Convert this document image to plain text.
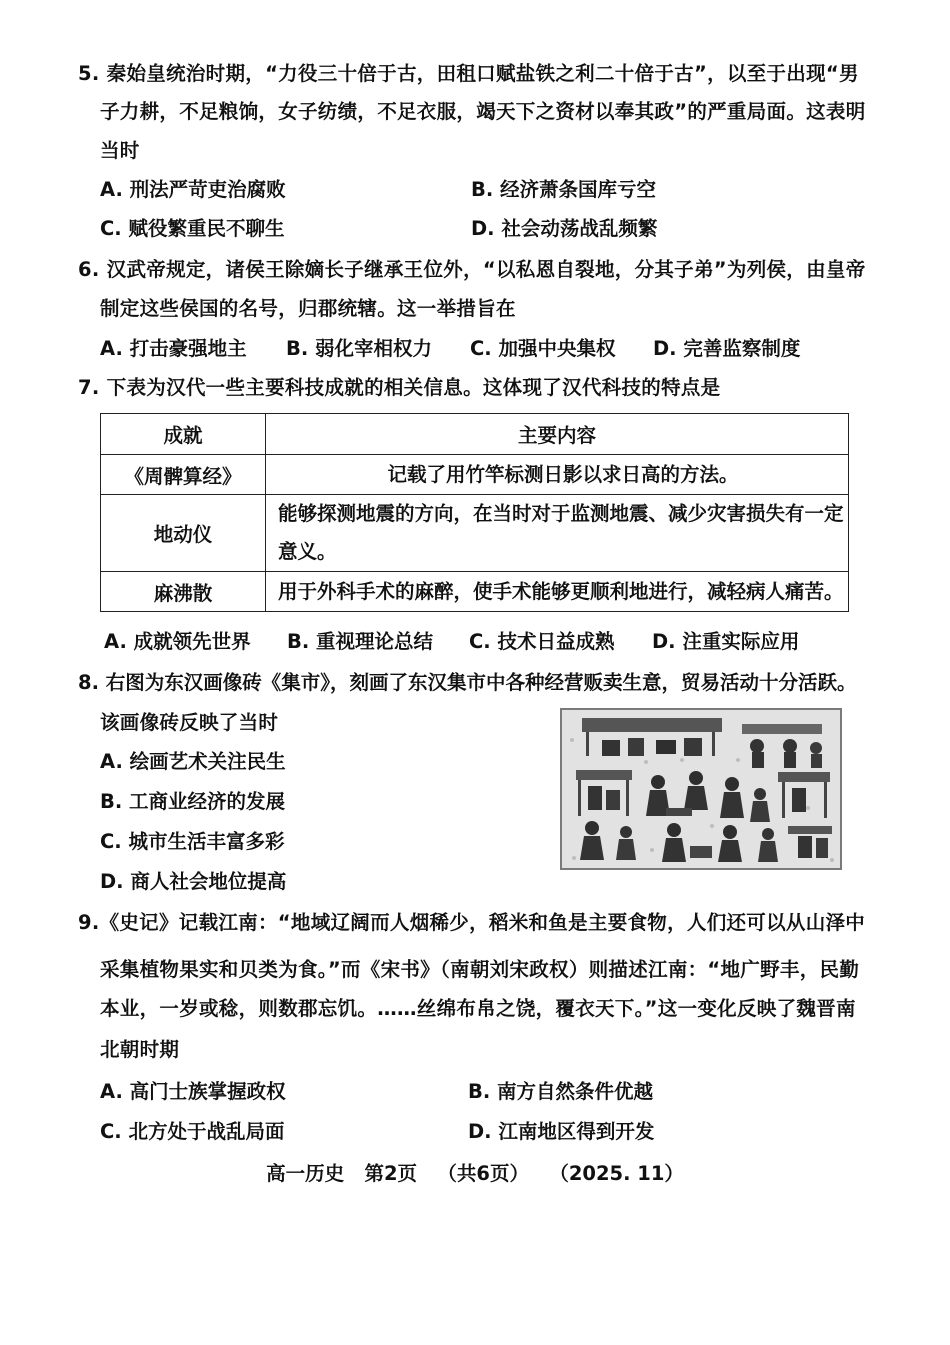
5. 秦始皇统治时期，“力役三十倍于古，田租口赋盐铁之利二十倍于古”，以至于出现“男
子力耕，不足粮饷，女子纺绩，不足衣服，竭天下之资材以奉其政”的严重局面。这表明
当时
A. 刑法严苛吏治腐败	B. 经济萧条国库亏空
C. 赋役繁重民不聊生	D. 社会动荡战乱频繁
6. 汉武帝规定，诸侯王除嫡长子继承王位外，“以私恩自裂地，分其子弟”为列侯，由皇帝
制定这些侯国的名号，归郡统辖。这一举措旨在
A. 打击豪强地主 B. 弱化宰相权力 C. 加强中央集权 D. 完善监察制度
7. 下表为汉代一些主要科技成就的相关信息。这体现了汉代科技的特点是
成就	主要内容
《周髀算经》	记载了用竹竿标测日影以求日高的方法。
地动仪	能够探测地震的方向，在当时对于监测地震、减少灾害损失有一定
意义。

麻沸散	用于外科手术的麻醉，使手术能够更顺利地进行，减轻病人痛苦。
A. 成就领先世界 B. 重视理论总结 C. 技术日益成熟 D. 注重实际应用
8. 右图为东汉画像砖《集市》，刻画了东汉集市中各种经营贩卖生意，贸易活动十分活跃。
该画像砖反映了当时
A. 绘画艺术关注民生
B. 工商业经济的发展
C. 城市生活丰富多彩
D. 商人社会地位提高
9.《史记》记载江南：“地域辽阔而人烟稀少，稻米和鱼是主要食物，人们还可以从山泽中
采集植物果实和贝类为食。”而《宋书》（南朝刘宋政权）则描述江南：“地广野丰，民勤
本业，一岁或稔，则数郡忘饥。……丝绵布帛之饶，覆衣天下。”这一变化反映了魏晋南
北朝时期
A. 高门士族掌握政权	B. 南方自然条件优越
C. 北方处于战乱局面	D. 江南地区得到开发
高一历史   第2页   （共6页）   （2025. 11）
